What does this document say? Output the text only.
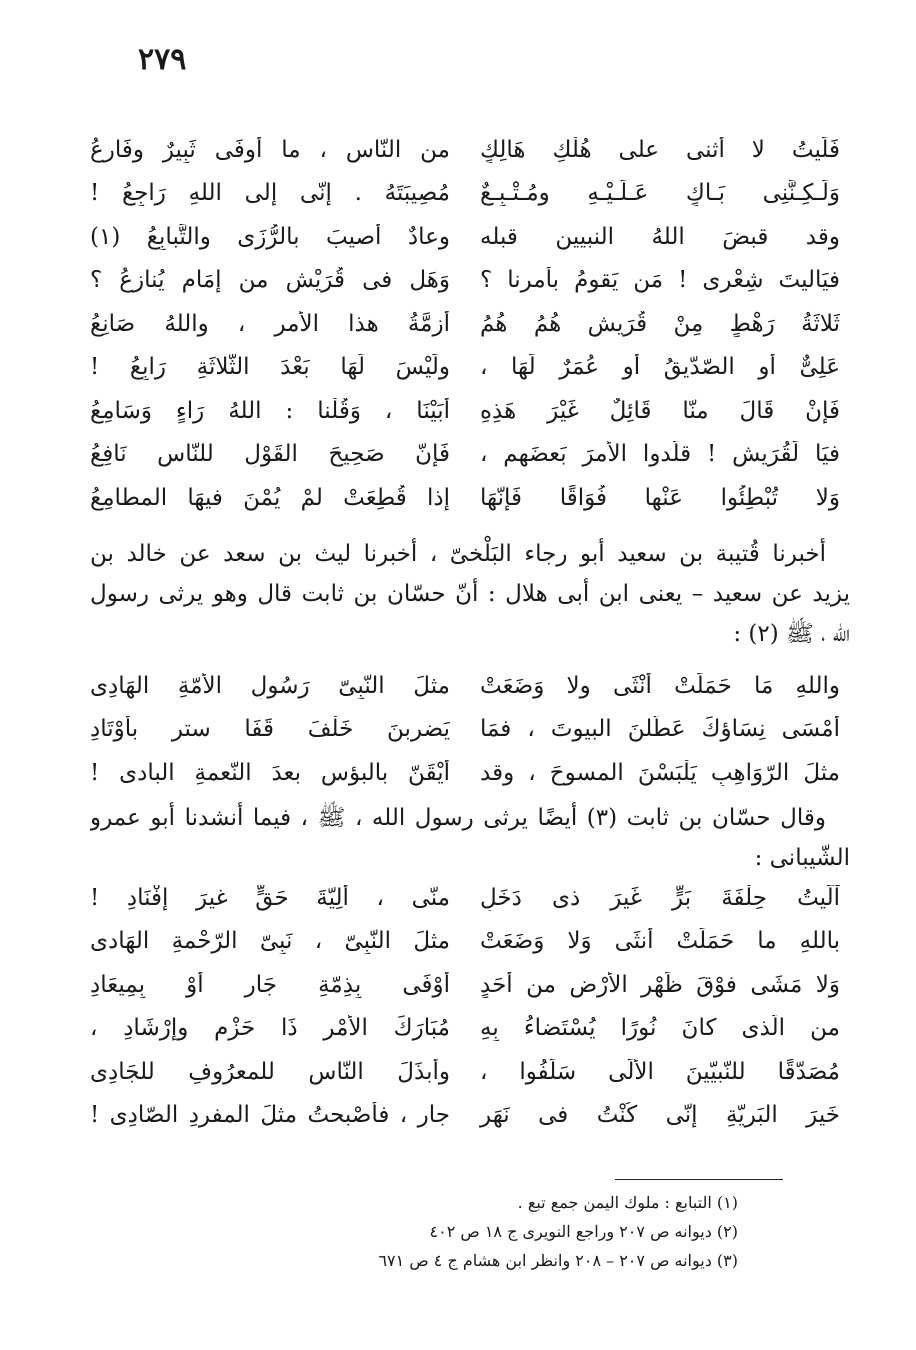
٢٧٩
فَلَيتُ لا أثنى على هُلْكِ هَالِكٍ
من النّاسِ ، ما أوفَى ثَبِيرٌ وفَارِعُ
وَلَـكِـنَّنِى بَـاكٍ عَـلَـيْـهِ ومُـتْـبِـعٌ
مُصِيبَتَهُ . إنّى إلى اللهِ رَاجِعُ !
وقد قبضَ اللهُ النبيين قبله
وعادٌ أُصيبَ بالرُّزَى والتَّبابِعُ (١)
فيَاليتَ شِعْرِى ! مَن يَقومُ بأمرنا ؟
وَهَل فى قُرَيْشٍ من إمَامٍ يُنازِعُ ؟
ثَلاثَةُ رَهْطٍ مِنْ قُرَيشٍ هُمُ هُمُ
أَزِمَّةُ هذا الأمرِ ، واللهُ صَانِعُ
عَلِىٌّ أوِ الصّدّيقُ أو عُمَرٌ لَهَا ،
ولَيْسَ لَهَا بَعْدَ الثَّلاثَةِ رَابِعُ !
فَإنْ قَالَ منّا قَائِلٌ غَيْرَ هَذِهِ
أبَيْنَا ، وَقُلْنا : اللهُ رَاءٍ وَسَامِعُ
فيَا لَقُرَيشٍ ! قلّدوا الأمرَ بَعضَهم ،
فَإنّ صَحِيحَ القَوْلِ للنّاسِ نَافِعُ
وَلا تُبْطِئُوا عَنْها فُوَاقًا فَإنّهَا
إذا قُطِعَتْ لمْ يُمْنَ فيهَا المطامِعُ
أخبرنا قُتيبة بن سعيد أبو رجاء البَلْخىّ ، أخبرنا ليث بن سعد عن خالد بن
يزيد عن سعيد – يعنى ابن أبى هلال : أنّ حسّان بن ثابت قال وهو يرثى رسول
الله ، ﷺ (٢) :
واللهِ مَا حَمَلَتْ أُنْثَى ولا وَضَعَتْ
مثلَ النّبِىّ رَسُولِ الأُمّةِ الهَادِى
أَمْسَى نِسَاؤكَ عَطّلنَ البيوتَ ، فمَا
يَضرِبنَ خَلْفَ قَفَا سترٍ بأوْتَادِ
مثلَ الرّوَاهِبِ يَلْبَسْنَ المسوحَ ، وقد
أيْقَنّ بالبؤسِ بعدَ النّعمةِ البادى !
وقال حسّان بن ثابت (٣) أيضًا يرثى رسول الله ، ﷺ ، فيما أنشدنا أبو عمرو
الشّيبانى :
آلَيتُ حِلْفَةَ بَرٍّ غَيرَ ذى دَخَلٍ
منّى ، ألِيّةَ حَقٍّ غيرَ إفْنَادِ !
باللهِ ما حَمَلَتْ أُنثَى وَلا وَضَعَتْ
مثلَ النّبِىّ ، نَبِىّ الرّحْمةِ الهَادى
وَلا مَشَى فوْقَ ظَهْرِ الأرْضِ من أحَدٍ
أوْفَى بِذِمّةِ جَارٍ أوْ بِمِيعَادِ
من الّذى كانَ نُورًا يُسْتَضاءُ بِهِ
مُبَارَكَ الأمْرِ ذَا حَزْمٍ وإرْشَادِ ،
مُصَدّقًا للنّبيّينَ الألَى سَلَفُوا ،
وأبذَلَ النّاسِ للمعرُوفِ للجَادِى
خَيرَ البَرِيّةِ إنّى كُنْتُ فى نَهَرٍ
جارٍ ، فأصْبحتُ مثلَ المفرِدِ الصّادِى !
(١) التبابع : ملوك اليمن جمع تبع .
(٢) ديوانه ص ٢٠٧ وراجع النويرى ج ١٨ ص ٤٠٢
(٣) ديوانه ص ٢٠٧ – ٢٠٨ وانظر ابن هشام ج ٤ ص ٦٧١
